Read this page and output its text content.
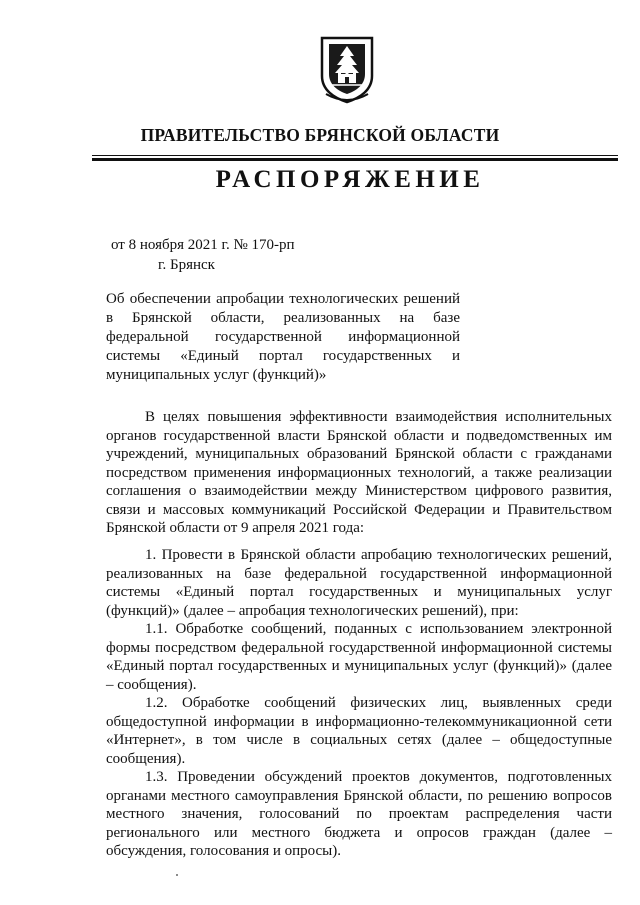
ПРАВИТЕЛЬСТВО БРЯНСКОЙ ОБЛАСТИ
РАСПОРЯЖЕНИЕ
от 8 ноября 2021 г. № 170-рп
г. Брянск
Об обеспечении апробации технологических решений в Брянской области, реализованных на базе федеральной государственной информационной системы «Единый портал государственных и муниципальных услуг (функций)»

В целях повышения эффективности взаимодействия исполнительных органов государственной власти Брянской области и подведомственных им учреждений, муниципальных образований Брянской области с гражданами посредством применения информационных технологий, а также реализации соглашения о взаимодействии между Министерством цифрового развития, связи и массовых коммуникаций Российской Федерации и Правительством Брянской области от 9 апреля 2021 года:

1. Провести в Брянской области апробацию технологических решений, реализованных на базе федеральной государственной информационной системы «Единый портал государственных и муниципальных услуг (функций)» (далее – апробация технологических решений), при:

1.1. Обработке сообщений, поданных с использованием электронной формы посредством федеральной государственной информационной системы «Единый портал государственных и муниципальных услуг (функций)» (далее – сообщения).

1.2. Обработке сообщений физических лиц, выявленных среди общедоступной информации в информационно-телекоммуникационной сети «Интернет», в том числе в социальных сетях (далее – общедоступные сообщения).

1.3. Проведении обсуждений проектов документов, подготовленных органами местного самоуправления Брянской области, по решению вопросов местного значения, голосований по проектам распределения части регионального или местного бюджета и опросов граждан (далее – обсуждения, голосования и опросы).
